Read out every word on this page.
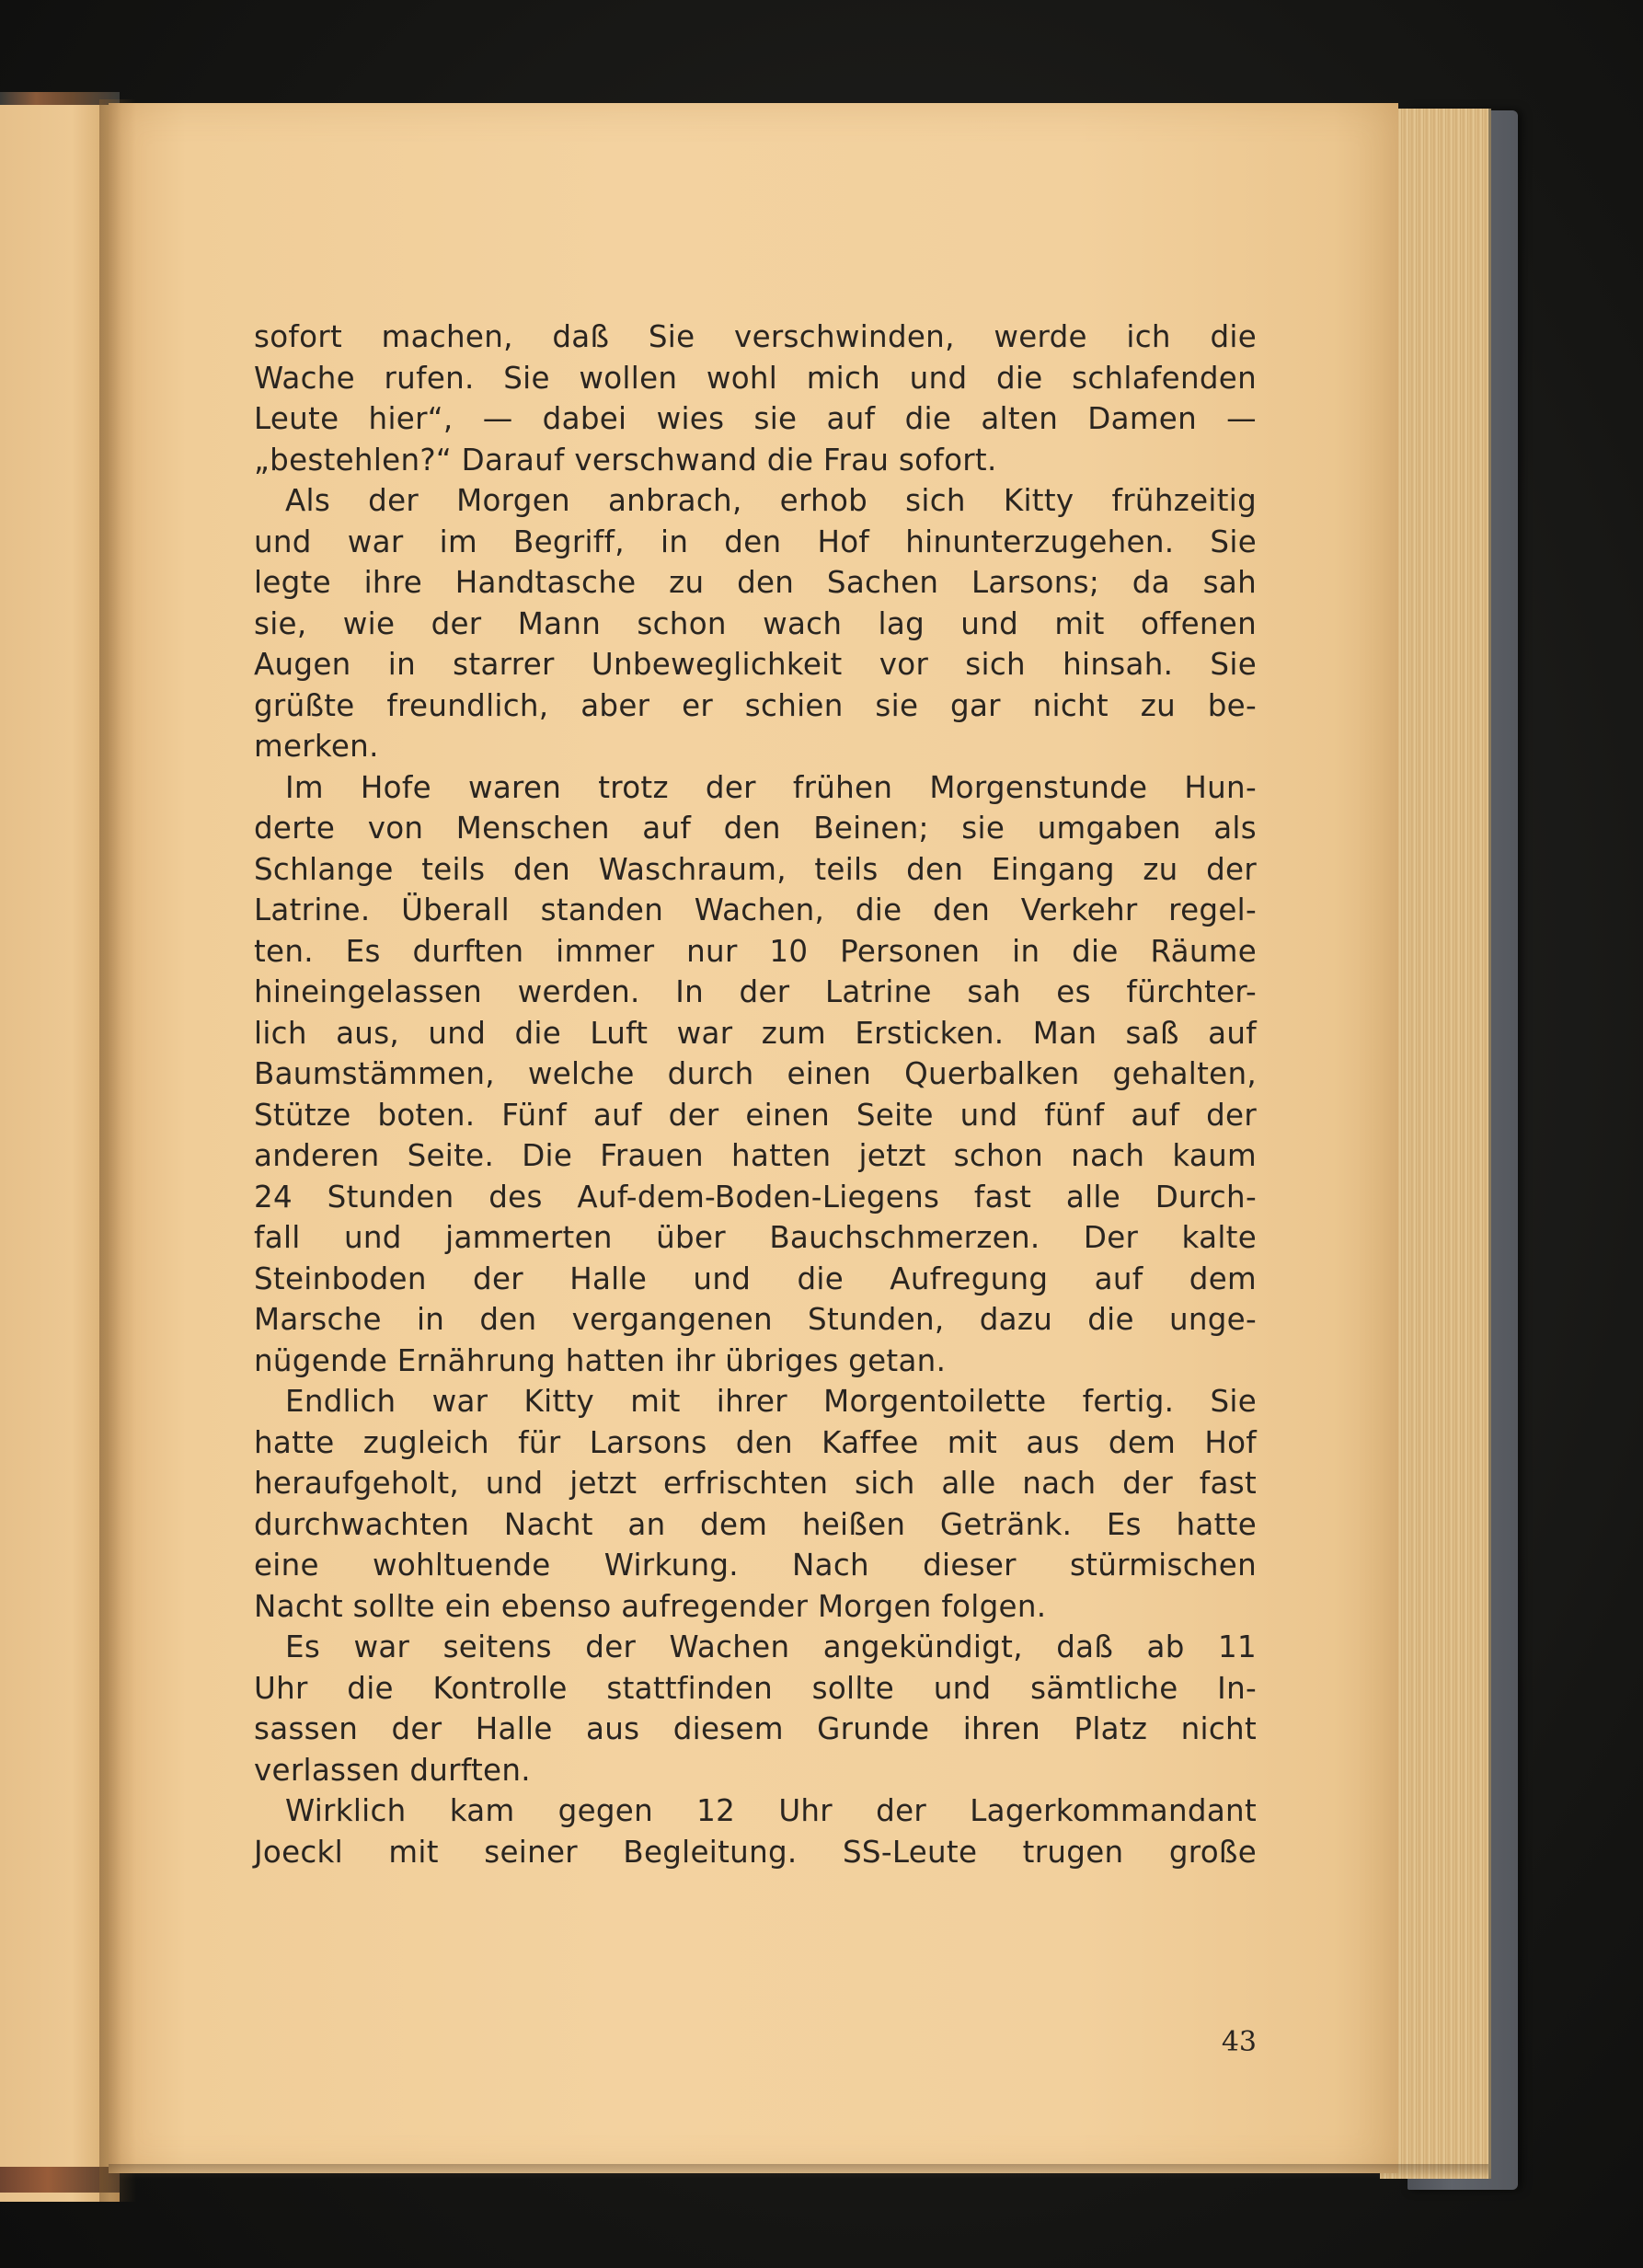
sofort machen, daß Sie verschwinden, werde ich die
Wache rufen. Sie wollen wohl mich und die schlafenden
Leute hier“, — dabei wies sie auf die alten Damen —
„bestehlen?“ Darauf verschwand die Frau sofort.
Als der Morgen anbrach, erhob sich Kitty frühzeitig
und war im Begriff, in den Hof hinunterzugehen. Sie
legte ihre Handtasche zu den Sachen Larsons; da sah
sie, wie der Mann schon wach lag und mit offenen
Augen in starrer Unbeweglichkeit vor sich hinsah. Sie
grüßte freundlich, aber er schien sie gar nicht zu be-
merken.
Im Hofe waren trotz der frühen Morgenstunde Hun-
derte von Menschen auf den Beinen; sie umgaben als
Schlange teils den Waschraum, teils den Eingang zu der
Latrine. Überall standen Wachen, die den Verkehr regel-
ten. Es durften immer nur 10 Personen in die Räume
hineingelassen werden. In der Latrine sah es fürchter-
lich aus, und die Luft war zum Ersticken. Man saß auf
Baumstämmen, welche durch einen Querbalken gehalten,
Stütze boten. Fünf auf der einen Seite und fünf auf der
anderen Seite. Die Frauen hatten jetzt schon nach kaum
24 Stunden des Auf-dem-Boden-Liegens fast alle Durch-
fall und jammerten über Bauchschmerzen. Der kalte
Steinboden der Halle und die Aufregung auf dem
Marsche in den vergangenen Stunden, dazu die unge-
nügende Ernährung hatten ihr übriges getan.
Endlich war Kitty mit ihrer Morgentoilette fertig. Sie
hatte zugleich für Larsons den Kaffee mit aus dem Hof
heraufgeholt, und jetzt erfrischten sich alle nach der fast
durchwachten Nacht an dem heißen Getränk. Es hatte
eine wohltuende Wirkung. Nach dieser stürmischen
Nacht sollte ein ebenso aufregender Morgen folgen.
Es war seitens der Wachen angekündigt, daß ab 11
Uhr die Kontrolle stattfinden sollte und sämtliche In-
sassen der Halle aus diesem Grunde ihren Platz nicht
verlassen durften.
Wirklich kam gegen 12 Uhr der Lagerkommandant
Joeckl mit seiner Begleitung. SS-Leute trugen große
43
